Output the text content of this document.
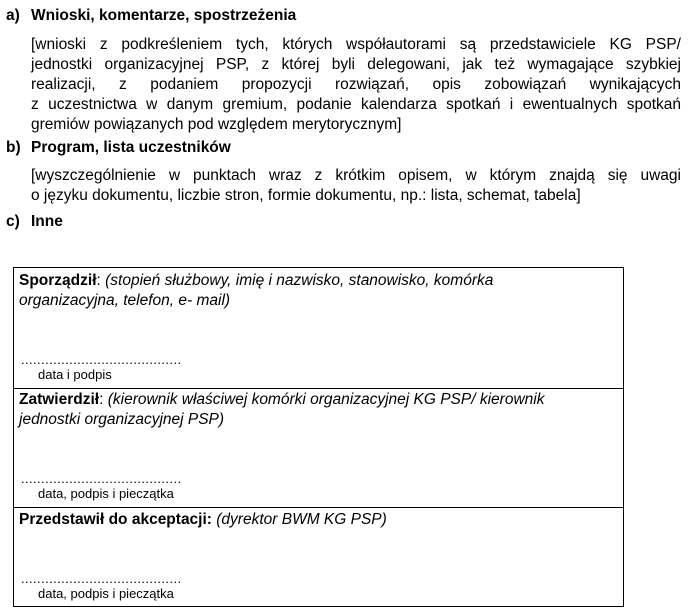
a) Wnioski, komentarze, spostrzeżenia
[wnioski z podkreśleniem tych, których współautorami są przedstawiciele KG PSP/
jednostki organizacyjnej PSP, z której byli delegowani, jak też wymagające szybkiej
realizacji, z podaniem propozycji rozwiązań, opis zobowiązań wynikających
z uczestnictwa w danym gremium, podanie kalendarza spotkań i ewentualnych spotkań
gremiów powiązanych pod względem merytorycznym]
b) Program, lista uczestników
[wyszczególnienie w punktach wraz z krótkim opisem, w którym znajdą się uwagi
o języku dokumentu, liczbie stron, formie dokumentu, np.: lista, schemat, tabela]
c) Inne
Sporządził: (stopień służbowy, imię i nazwisko, stanowisko, komórka
organizacyjna, telefon, e- mail)
........................................
data i podpis
Zatwierdził: (kierownik właściwej komórki organizacyjnej KG PSP/ kierownik
jednostki organizacyjnej PSP)
........................................
data, podpis i pieczątka
Przedstawił do akceptacji: (dyrektor BWM KG PSP)
........................................
data, podpis i pieczątka
